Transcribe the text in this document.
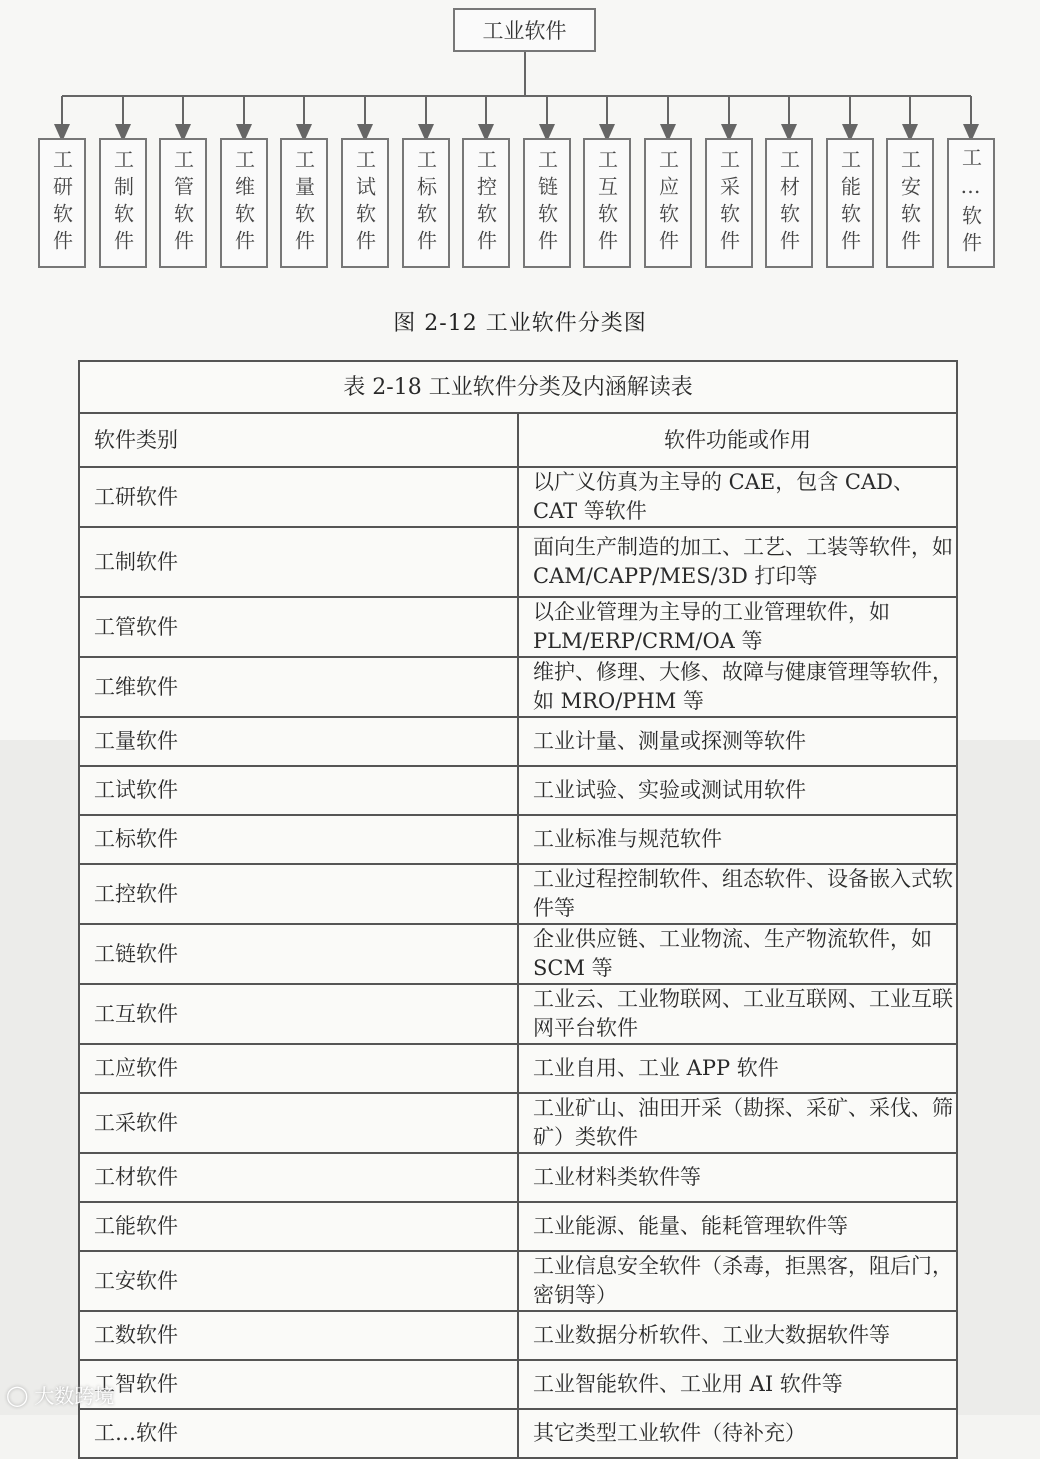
工业软件
工研软件	工制软件	工管软件	工维软件	工量软件	工试软件	工标软件	工控软件	工链软件	工互软件	工应软件	工采软件	工材软件	工能软件	工安软件	工…软件
图 2-12 工业软件分类图
表 2-18 工业软件分类及内涵解读表	
软件类别	软件功能或作用
工研软件	以广义仿真为主导的 CAE，包含 CAD、CAT 等软件
工制软件	面向生产制造的加工、工艺、工装等软件，如 CAM/CAPP/MES/3D 打印等
工管软件	以企业管理为主导的工业管理软件，如 PLM/ERP/CRM/OA 等
工维软件	维护、修理、大修、故障与健康管理等软件，如 MRO/PHM 等
工量软件	工业计量、测量或探测等软件
工试软件	工业试验、实验或测试用软件
工标软件	工业标准与规范软件
工控软件	工业过程控制软件、组态软件、设备嵌入式软件等
工链软件	企业供应链、工业物流、生产物流软件，如 SCM 等
工互软件	工业云、工业物联网、工业互联网、工业互联网平台软件
工应软件	工业自用、工业 APP 软件
工采软件	工业矿山、油田开采（勘探、采矿、采伐、筛矿）类软件
工材软件	工业材料类软件等
工能软件	工业能源、能量、能耗管理软件等
工安软件	工业信息安全软件（杀毒，拒黑客，阻后门，密钥等）
工数软件	工业数据分析软件、工业大数据软件等
工智软件	工业智能软件、工业用 AI 软件等
工…软件	其它类型工业软件（待补充）
◯ 大数跨境
